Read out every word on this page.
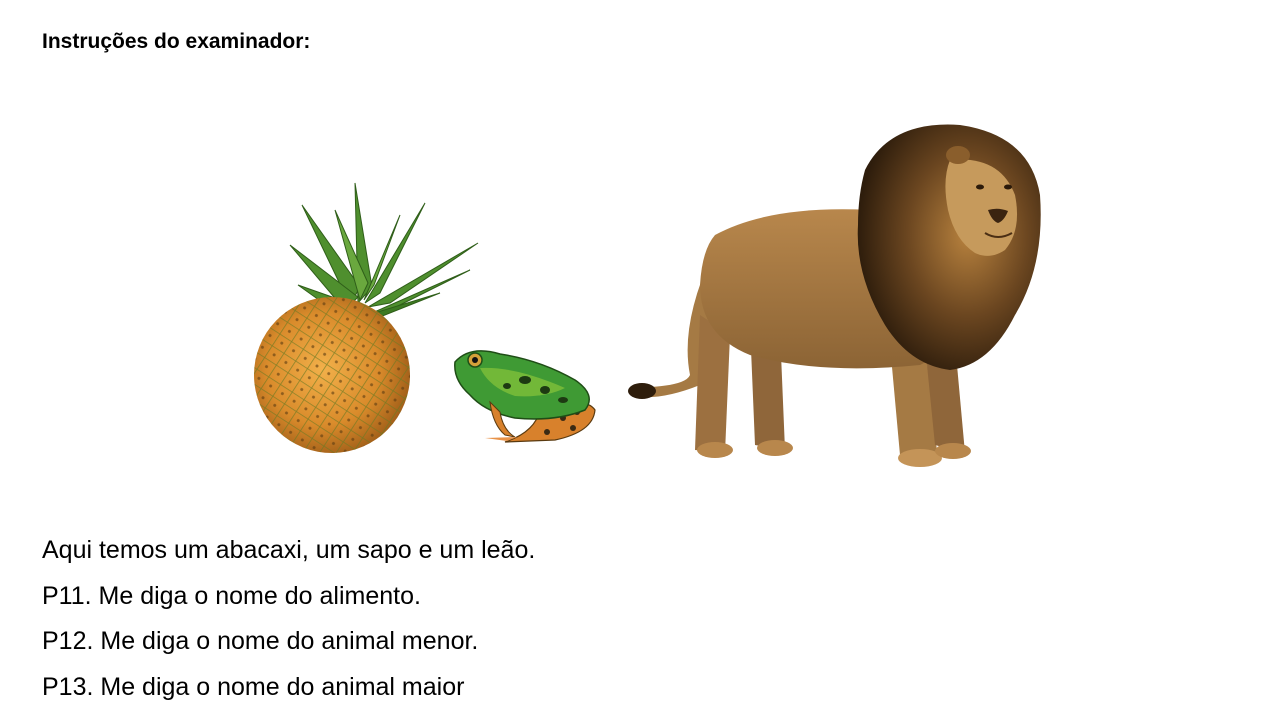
Instruções do examinador:
Aqui temos um abacaxi, um sapo e um leão.
P11. Me diga o nome do alimento.
P12. Me diga o nome do animal menor.
P13. Me diga o nome do animal maior
